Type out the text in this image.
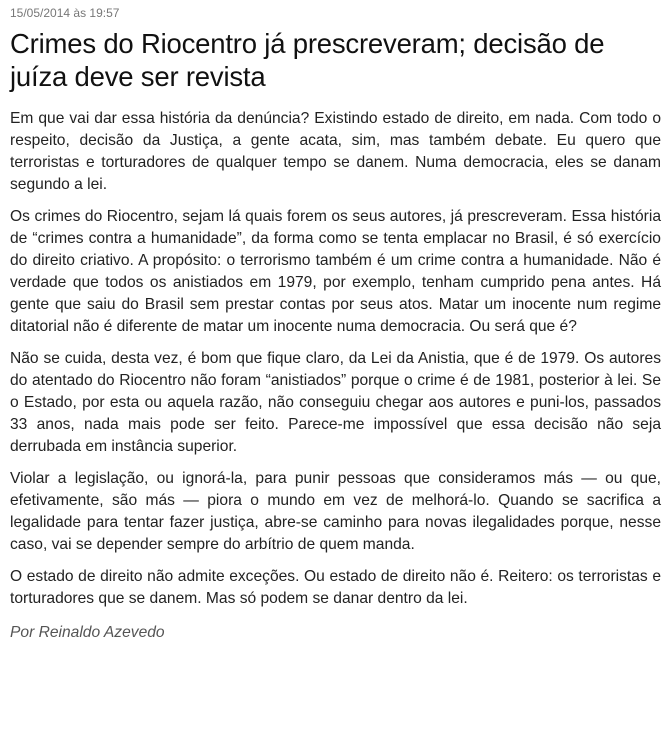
15/05/2014 às 19:57
Crimes do Riocentro já prescreveram; decisão de juíza deve ser revista

Em que vai dar essa história da denúncia? Existindo estado de direito, em nada. Com todo o respeito, decisão da Justiça, a gente acata, sim, mas também debate. Eu quero que terroristas e torturadores de qualquer tempo se danem. Numa democracia, eles se danam segundo a lei.

Os crimes do Riocentro, sejam lá quais forem os seus autores, já prescreveram. Essa história de “crimes contra a humanidade”, da forma como se tenta emplacar no Brasil, é só exercício do direito criativo. A propósito: o terrorismo também é um crime contra a humanidade. Não é verdade que todos os anistiados em 1979, por exemplo, tenham cumprido pena antes. Há gente que saiu do Brasil sem prestar contas por seus atos. Matar um inocente num regime ditatorial não é diferente de matar um inocente numa democracia. Ou será que é?

Não se cuida, desta vez, é bom que fique claro, da Lei da Anistia, que é de 1979. Os autores do atentado do Riocentro não foram “anistiados” porque o crime é de 1981, posterior à lei. Se o Estado, por esta ou aquela razão, não conseguiu chegar aos autores e puni-los, passados 33 anos, nada mais pode ser feito. Parece-me impossível que essa decisão não seja derrubada em instância superior.

Violar a legislação, ou ignorá-la, para punir pessoas que consideramos más — ou que, efetivamente, são más — piora o mundo em vez de melhorá-lo. Quando se sacrifica a legalidade para tentar fazer justiça, abre-se caminho para novas ilegalidades porque, nesse caso, vai se depender sempre do arbítrio de quem manda.

O estado de direito não admite exceções. Ou estado de direito não é. Reitero: os terroristas e torturadores que se danem. Mas só podem se danar dentro da lei.

Por Reinaldo Azevedo
